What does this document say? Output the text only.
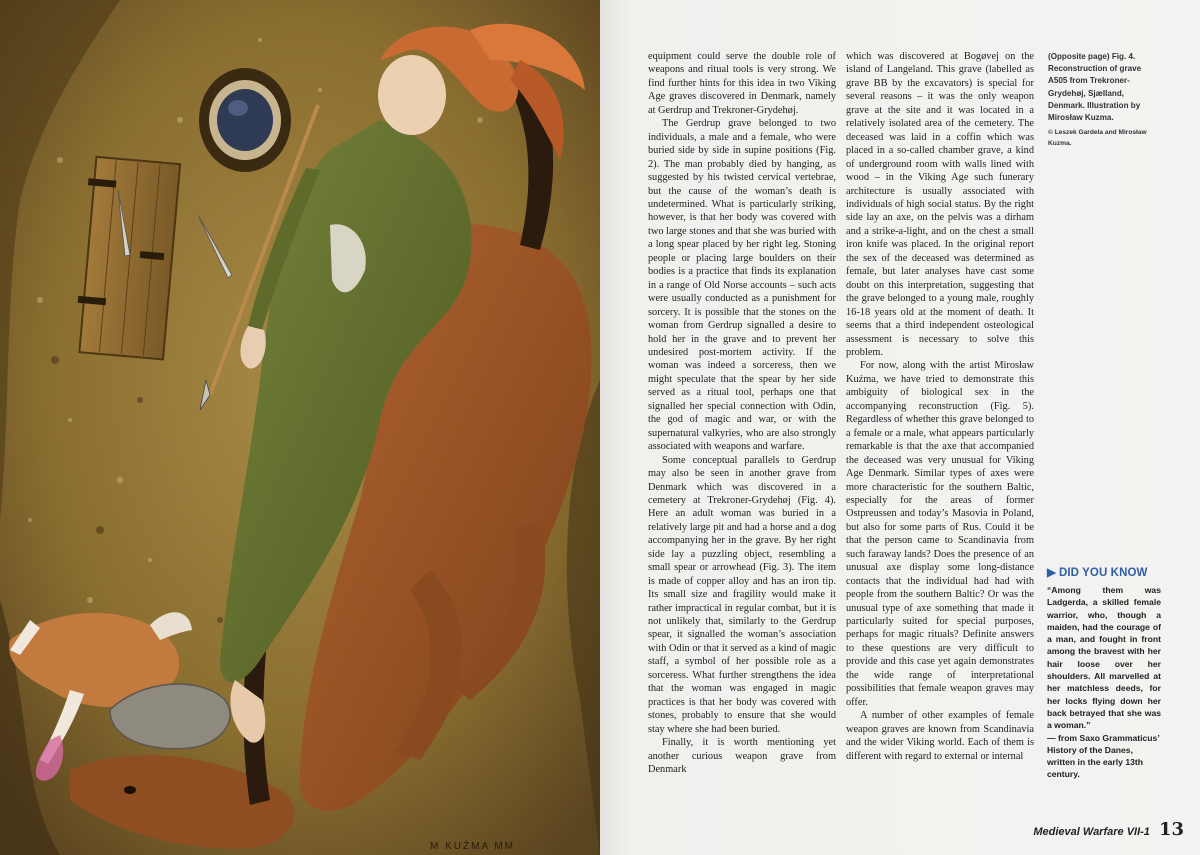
M KUŹMA MM

equipment could serve the double role of weapons and ritual tools is very strong. We find further hints for this idea in two Viking Age graves discovered in Denmark, namely at Gerdrup and Trekroner-Grydehøj.

The Gerdrup grave belonged to two individuals, a male and a female, who were buried side by side in supine positions (Fig. 2). The man probably died by hanging, as suggested by his twisted cervical vertebrae, but the cause of the woman’s death is undetermined. What is particularly striking, however, is that her body was covered with two large stones and that she was buried with a long spear placed by her right leg. Stoning people or placing large boulders on their bodies is a practice that finds its explanation in a range of Old Norse accounts – such acts were usually conducted as a punishment for sorcery. It is possible that the stones on the woman from Gerdrup signalled a desire to hold her in the grave and to prevent her undesired post-mortem activity. If the woman was indeed a sorceress, then we might speculate that the spear by her side served as a ritual tool, perhaps one that signalled her special connection with Odin, the god of magic and war, or with the supernatural valkyries, who are also strongly associated with weapons and warfare.

Some conceptual parallels to Gerdrup may also be seen in another grave from Denmark which was discovered in a cemetery at Trekroner-Grydehøj (Fig. 4). Here an adult woman was buried in a relatively large pit and had a horse and a dog accompanying her in the grave. By her right side lay a puzzling object, resembling a small spear or arrowhead (Fig. 3). The item is made of copper alloy and has an iron tip. Its small size and fragility would make it rather impractical in regular combat, but it is not unlikely that, similarly to the Gerdrup spear, it signalled the woman’s association with Odin or that it served as a kind of magic staff, a symbol of her possible role as a sorceress. What further strengthens the idea that the woman was engaged in magic practices is that her body was covered with stones, probably to ensure that she would stay where she had been buried.

Finally, it is worth mentioning yet another curious weapon grave from Denmark

which was discovered at Bogøvej on the island of Langeland. This grave (labelled as grave BB by the excavators) is special for several reasons – it was the only weapon grave at the site and it was located in a relatively isolated area of the cemetery. The deceased was laid in a coffin which was placed in a so-called chamber grave, a kind of underground room with walls lined with wood – in the Viking Age such funerary architecture is usually associated with individuals of high social status. By the right side lay an axe, on the pelvis was a dirham and a strike-a-light, and on the chest a small iron knife was placed. In the original report the sex of the deceased was determined as female, but later analyses have cast some doubt on this interpretation, suggesting that the grave belonged to a young male, roughly 16-18 years old at the moment of death. It seems that a third independent osteological assessment is necessary to solve this problem.

For now, along with the artist Mirosław Kuźma, we have tried to demonstrate this ambiguity of biological sex in the accompanying reconstruction (Fig. 5). Regardless of whether this grave belonged to a female or a male, what appears particularly remarkable is that the axe that accompanied the deceased was very unusual for Viking Age Denmark. Similar types of axes were more characteristic for the southern Baltic, especially for the areas of former Ostpreussen and today’s Masovia in Poland, but also for some parts of Rus. Could it be that the person came to Scandinavia from such faraway lands? Does the presence of an unusual axe display some long-distance contacts that the individual had had with people from the southern Baltic? Or was the unusual type of axe something that made it particularly suited for special purposes, perhaps for magic rituals? Definite answers to these questions are very difficult to provide and this case yet again demonstrates the wide range of interpretational possibilities that female weapon graves may offer.

A number of other examples of female weapon graves are known from Scandinavia and the wider Viking world. Each of them is different with regard to external or internal

(Opposite page) Fig. 4. Reconstruction of grave A505 from Trekroner-Grydehøj, Sjælland, Denmark. Illustration by Mirosław Kuzma.
© Leszek Gardela and Mirosław Kuzma.
▶ DID YOU KNOW

“Among them was Ladgerda, a skilled female warrior, who, though a maiden, had the courage of a man, and fought in front among the bravest with her hair loose over her shoulders. All marvelled at her matchless deeds, for her locks flying down her back betrayed that she was a woman.”

— from Saxo Grammaticus’ History of the Danes, written in the early 13th century.

Medieval Warfare VII-1 13
